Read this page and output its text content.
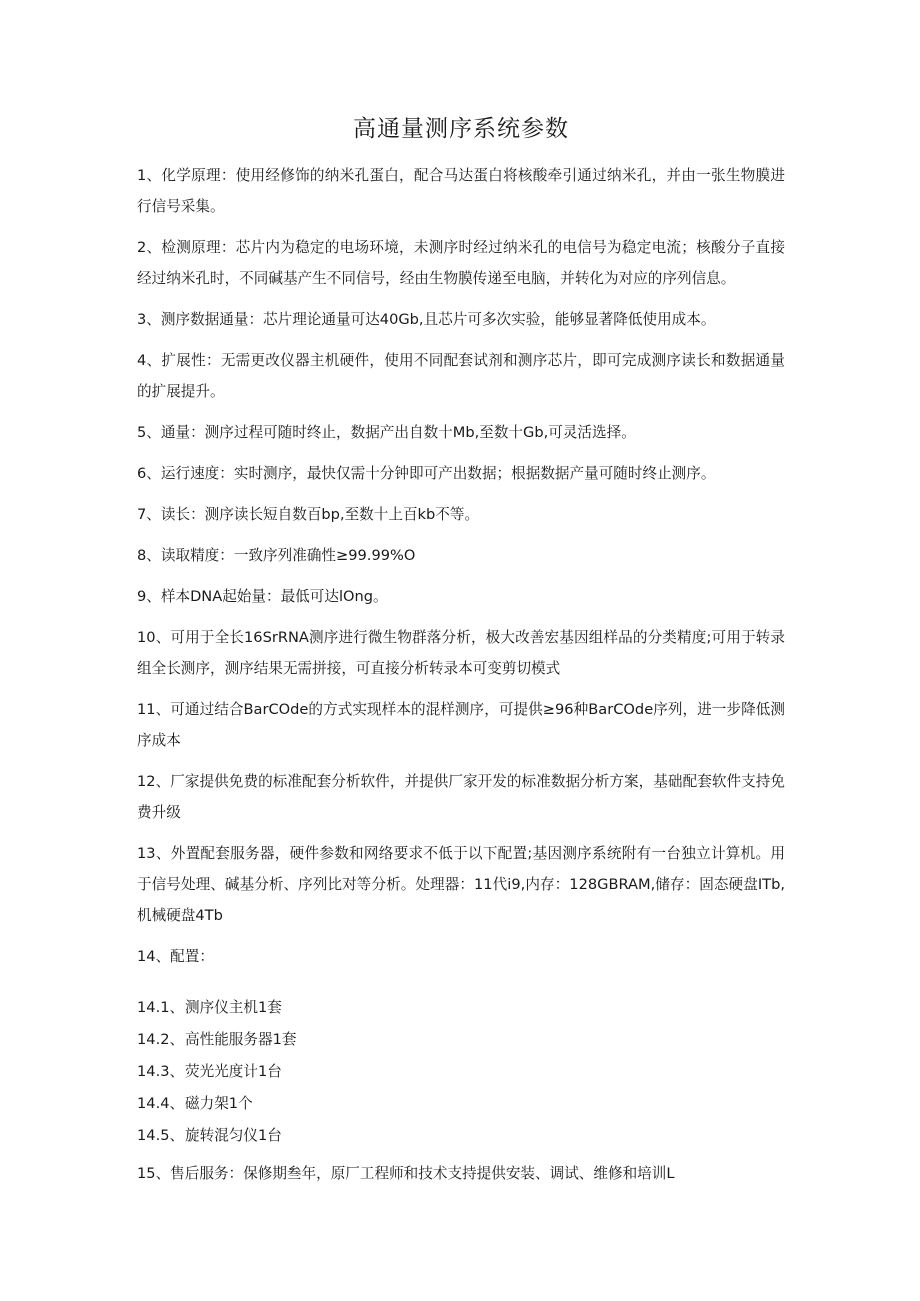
高通量测序系统参数

1、化学原理：使用经修饰的纳米孔蛋白，配合马达蛋白将核酸牵引通过纳米孔，并由一张生物膜进行信号采集。

2、检测原理：芯片内为稳定的电场环境，未测序时经过纳米孔的电信号为稳定电流；核酸分子直接经过纳米孔时，不同碱基产生不同信号，经由生物膜传递至电脑，并转化为对应的序列信息。

3、测序数据通量：芯片理论通量可达40Gb,且芯片可多次实验，能够显著降低使用成本。

4、扩展性：无需更改仪器主机硬件，使用不同配套试剂和测序芯片，即可完成测序读长和数据通量的扩展提升。

5、通量：测序过程可随时终止，数据产出自数十Mb,至数十Gb,可灵活选择。

6、运行速度：实时测序，最快仅需十分钟即可产出数据；根据数据产量可随时终止测序。

7、读长：测序读长短自数百bp,至数十上百kb不等。

8、读取精度：一致序列准确性≥99.99%O

9、样本DNA起始量：最低可达lOng。

10、可用于全长16SrRNA测序进行微生物群落分析，极大改善宏基因组样品的分类精度;可用于转录组全长测序，测序结果无需拼接，可直接分析转录本可变剪切模式

11、可通过结合BarCOde的方式实现样本的混样测序，可提供≥96种BarCOde序列，进一步降低测序成本

12、厂家提供免费的标准配套分析软件，并提供厂家开发的标准数据分析方案，基础配套软件支持免费升级

13、外置配套服务器，硬件参数和网络要求不低于以下配置;基因测序系统附有一台独立计算机。用于信号处理、碱基分析、序列比对等分析。处理器：11代i9,内存：128GBRAM,储存：固态硬盘ITb,机械硬盘4Tb

14、配置：

14.1、 测序仪主机1套
14.2、 高性能服务器1套
14.3、 荧光光度计1台
14.4、 磁力架1个
14.5、 旋转混匀仪1台

15、售后服务：保修期叁年，原厂工程师和技术支持提供安装、调试、维修和培训L
